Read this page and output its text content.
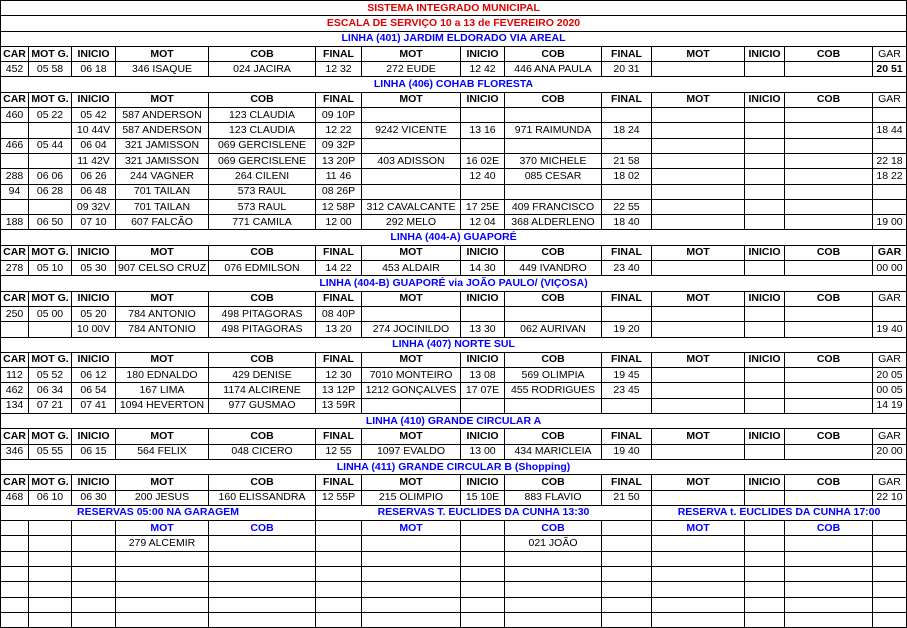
SISTEMA INTEGRADO MUNICIPAL													
ESCALA DE SERVIÇO 10 a 13 de FEVEREIRO 2020													
LINHA (401) JARDIM ELDORADO VIA AREAL													
CAR	MOT G.	INICIO	MOT	COB	FINAL	MOT	INICIO	COB	FINAL	MOT	INICIO	COB	GAR
452	05 58	06 18	346 ISAQUE	024 JACIRA	12 32	272 EUDE	12 42	446 ANA PAULA	20 31				20 51
LINHA (406) COHAB FLORESTA													
CAR	MOT G.	INICIO	MOT	COB	FINAL	MOT	INICIO	COB	FINAL	MOT	INICIO	COB	GAR
460	05 22	05 42	587 ANDERSON	123 CLAUDIA	09 10P								
		10 44V	587 ANDERSON	123 CLAUDIA	12 22	9242 VICENTE	13 16	971 RAIMUNDA	18 24				18 44
466	05 44	06 04	321 JAMISSON	069 GERCISLENE	09 32P								
		11 42V	321 JAMISSON	069 GERCISLENE	13 20P	403 ADISSON	16 02E	370 MICHELE	21 58				22 18
288	06 06	06 26	244 VAGNER	264 CILENI	11 46		12 40	085 CESAR	18 02				18 22
94	06 28	06 48	701 TAILAN	573 RAUL	08 26P								
		09 32V	701 TAILAN	573 RAUL	12 58P	312 CAVALCANTE	17 25E	409 FRANCISCO	22 55				
188	06 50	07 10	607 FALCÃO	771 CAMILA	12 00	292 MELO	12 04	368 ALDERLENO	18 40				19 00
LINHA (404-A) GUAPORÉ													
CAR	MOT G.	INICIO	MOT	COB	FINAL	MOT	INICIO	COB	FINAL	MOT	INICIO	COB	GAR
278	05 10	05 30	907 CELSO CRUZ	076 EDMILSON	14 22	453 ALDAIR	14 30	449 IVANDRO	23 40				00 00
LINHA (404-B) GUAPORÉ via JOÃO PAULO/ (VIÇOSA)													
CAR	MOT G.	INICIO	MOT	COB	FINAL	MOT	INICIO	COB	FINAL	MOT	INICIO	COB	GAR
250	05 00	05 20	784 ANTONIO	498 PITAGORAS	08 40P								
		10 00V	784 ANTONIO	498 PITAGORAS	13 20	274 JOCINILDO	13 30	062 AURIVAN	19 20				19 40
LINHA (407) NORTE SUL													
CAR	MOT G.	INICIO	MOT	COB	FINAL	MOT	INICIO	COB	FINAL	MOT	INICIO	COB	GAR
112	05 52	06 12	180 EDNALDO	429 DENISE	12 30	7010 MONTEIRO	13 08	569 OLIMPIA	19 45				20 05
462	06 34	06 54	167 LIMA	1174 ALCIRENE	13 12P	1212 GONÇALVES	17 07E	455 RODRIGUES	23 45				00 05
134	07 21	07 41	1094 HEVERTON	977 GUSMAO	13 59R								14 19
LINHA (410) GRANDE CIRCULAR A													
CAR	MOT G.	INICIO	MOT	COB	FINAL	MOT	INICIO	COB	FINAL	MOT	INICIO	COB	GAR
346	05 55	06 15	564 FELIX	048 CICERO	12 55	1097 EVALDO	13 00	434 MARICLEIA	19 40				20 00
LINHA (411) GRANDE CIRCULAR B (Shopping)													
CAR	MOT G.	INICIO	MOT	COB	FINAL	MOT	INICIO	COB	FINAL	MOT	INICIO	COB	GAR
468	06 10	06 30	200 JESUS	160 ELISSANDRA	12 55P	215 OLIMPIO	15 10E	883 FLAVIO	21 50				22 10
RESERVAS 05:00 NA GARAGEM					RESERVAS T. EUCLIDES DA CUNHA 13:30					RESERVA t. EUCLIDES DA CUNHA 17:00			
			MOT	COB		MOT		COB		MOT		COB	
			279 ALCEMIR					021 JOÃO					
